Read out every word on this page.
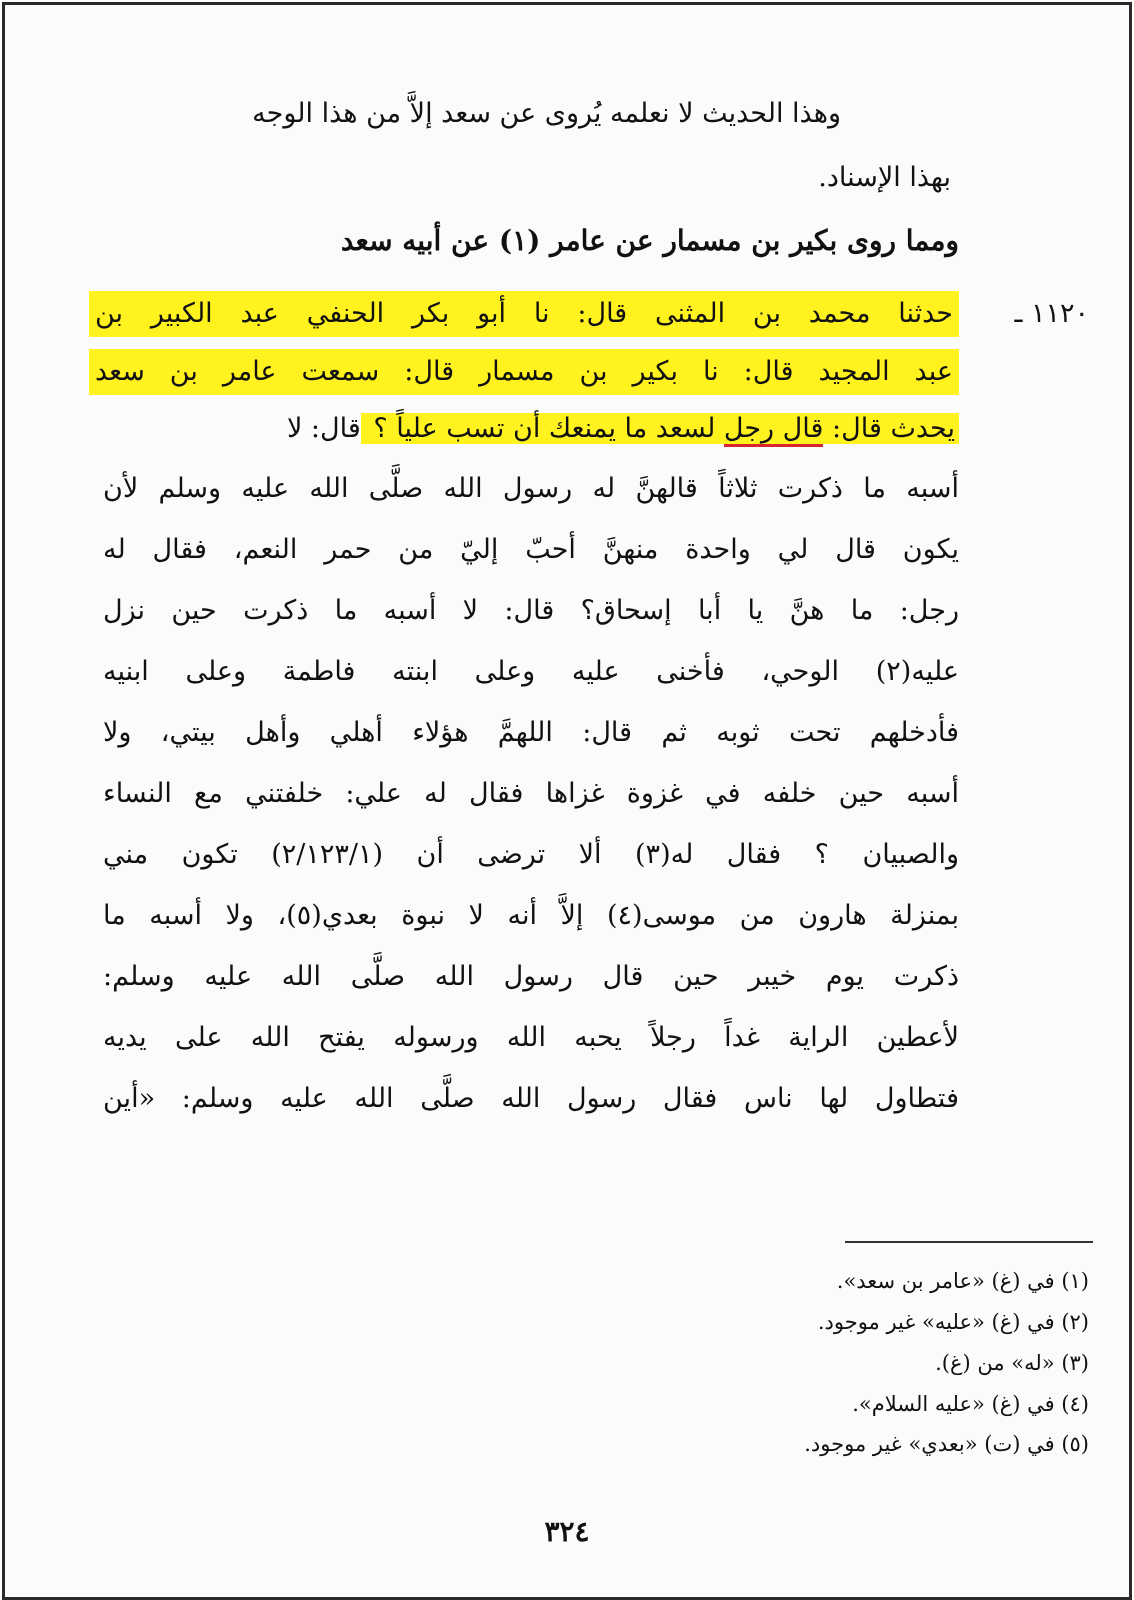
وهذا الحديث لا نعلمه يُروى عن سعد إلاَّ من هذا الوجه
بهذا الإسناد.
ومما روى بكير بن مسمار عن عامر (١) عن أبيه سعد
١١٢٠ ـ
حدثنا محمد بن المثنى قال: نا أبو بكر الحنفي عبد الكبير بن
عبد المجيد قال: نا بكير بن مسمار قال: سمعت عامر بن سعد
يحدث قال: قال رجل لسعد ما يمنعك أن تسب علياً ؟ قال: لا
أسبه ما ذكرت ثلاثاً قالهنَّ له رسول الله صلَّى الله عليه وسلم لأن
يكون قال لي واحدة منهنَّ أحبّ إليّ من حمر النعم، فقال له
رجل: ما هنَّ يا أبا إسحاق؟ قال: لا أسبه ما ذكرت حين نزل
عليه(٢) الوحي، فأخنى عليه وعلى ابنته فاطمة وعلى ابنيه
فأدخلهم تحت ثوبه ثم قال: اللهمَّ هؤلاء أهلي وأهل بيتي، ولا
أسبه حين خلفه في غزوة غزاها فقال له علي: خلفتني مع النساء
والصبيان ؟ فقال له(٣) ألا ترضى أن (٢/١٢٣/١) تكون مني
بمنزلة هارون من موسى(٤) إلاَّ أنه لا نبوة بعدي(٥)، ولا أسبه ما
ذكرت يوم خيبر حين قال رسول الله صلَّى الله عليه وسلم:
لأعطين الراية غداً رجلاً يحبه الله ورسوله يفتح الله على يديه
فتطاول لها ناس فقال رسول الله صلَّى الله عليه وسلم: «أين
(١) في (غ) «عامر بن سعد».
(٢) في (غ) «عليه» غير موجود.
(٣) «له» من (غ).
(٤) في (غ) «عليه السلام».
(٥) في (ت) «بعدي» غير موجود.
٣٢٤
